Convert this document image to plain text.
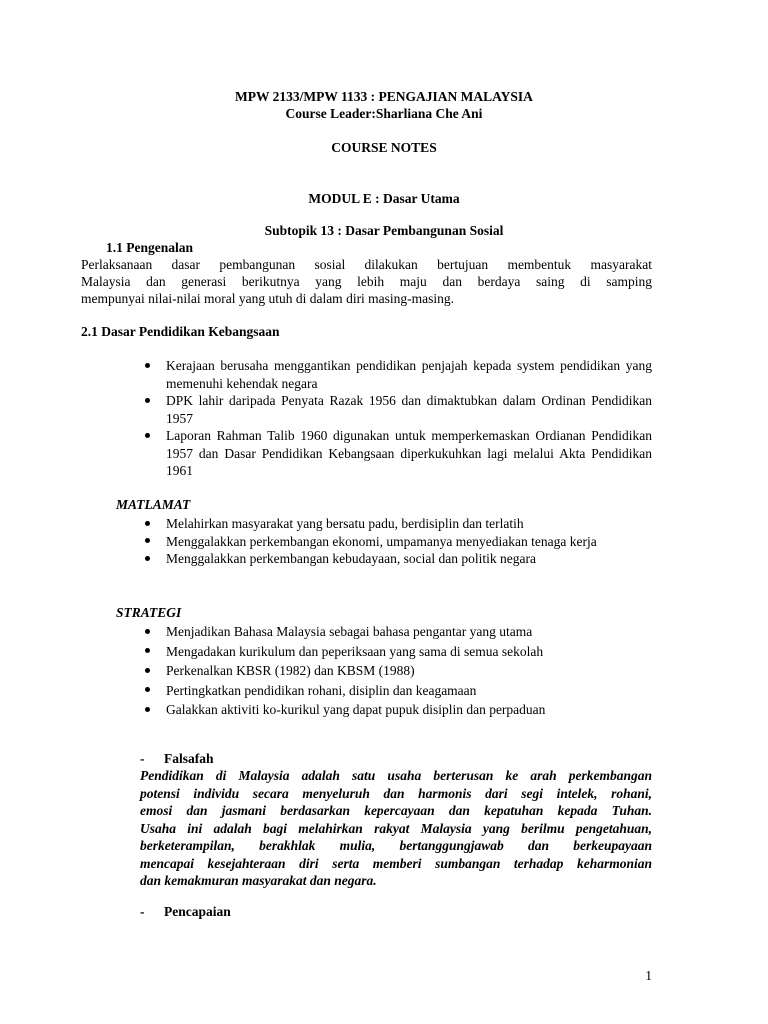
MPW 2133/MPW 1133 : PENGAJIAN MALAYSIA
Course Leader:Sharliana Che Ani
COURSE NOTES
MODUL E : Dasar Utama
Subtopik 13 : Dasar Pembangunan Sosial
1.1 Pengenalan
Perlaksanaan dasar pembangunan sosial dilakukan bertujuan membentuk masyarakat
Malaysia dan generasi berikutnya yang lebih maju dan berdaya saing di samping
mempunyai nilai-nilai moral yang utuh di dalam diri masing-masing.
2.1 Dasar Pendidikan Kebangsaan
Kerajaan berusaha menggantikan pendidikan penjajah kepada system pendidikan yang memenuhi kehendak negara
DPK lahir daripada Penyata Razak 1956 dan dimaktubkan dalam Ordinan Pendidikan 1957
Laporan Rahman Talib 1960 digunakan untuk memperkemaskan Ordianan Pendidikan 1957 dan Dasar Pendidikan Kebangsaan diperkukuhkan lagi melalui Akta Pendidikan 1961
MATLAMAT
Melahirkan masyarakat yang bersatu padu, berdisiplin dan terlatih
Menggalakkan perkembangan ekonomi, umpamanya menyediakan tenaga kerja
Menggalakkan perkembangan kebudayaan, social dan politik negara
STRATEGI
Menjadikan Bahasa Malaysia sebagai bahasa pengantar yang utama
Mengadakan kurikulum dan peperiksaan yang sama di semua sekolah
Perkenalkan KBSR (1982) dan KBSM (1988)
Pertingkatkan pendidikan rohani, disiplin dan keagamaan
Galakkan aktiviti ko-kurikul yang dapat pupuk disiplin dan perpaduan
- Falsafah
Pendidikan di Malaysia adalah satu usaha berterusan ke arah perkembangan
potensi individu secara menyeluruh dan harmonis dari segi intelek, rohani,
emosi dan jasmani berdasarkan kepercayaan dan kepatuhan kepada Tuhan.
Usaha ini adalah bagi melahirkan rakyat Malaysia yang berilmu pengetahuan,
berketerampilan, berakhlak mulia, bertanggungjawab dan berkeupayaan
mencapai kesejahteraan diri serta memberi sumbangan terhadap keharmonian
dan kemakmuran masyarakat dan negara.
- Pencapaian
1
